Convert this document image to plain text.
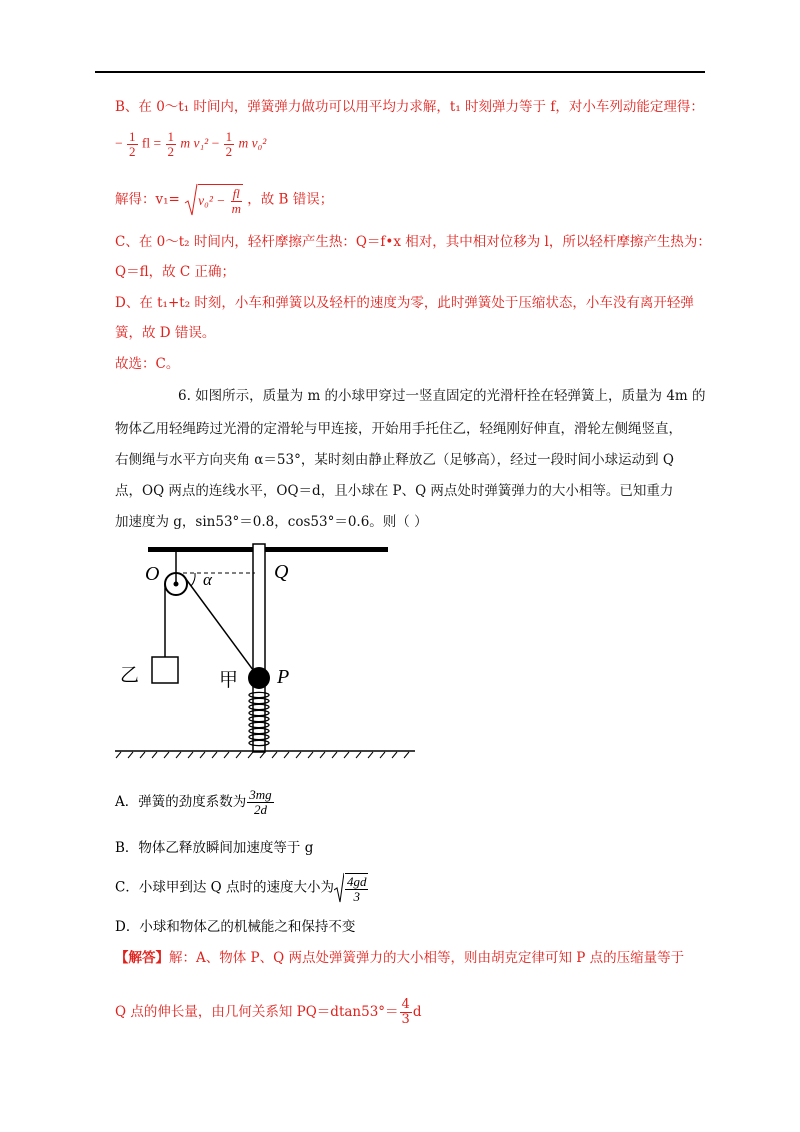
B、在 0～t₁ 时间内，弹簧弹力做功可以用平均力求解，t₁ 时刻弹力等于 f，对小车列动能定理得：
− $\frac{1}{2}$ fl = $\frac{1}{2}$ m $v_1^2 - \frac{1}{2}$ m v₀²
解得：$v_1= v_0^2 - \frac{fl}{m}$ ，故 B 错误；
C、在 0～t₂ 时间内，轻杆摩擦产生热：Q＝f•x 相对，其中相对位移为 l，所以轻杆摩擦产生热为：
Q＝fl，故 C 正确；
D、在 t₁+t₂ 时刻，小车和弹簧以及轻杆的速度为零，此时弹簧处于压缩状态，小车没有离开轻弹
簧，故 D 错误。
故选：C。
6. 如图所示，质量为 m 的小球甲穿过一竖直固定的光滑杆拴在轻弹簧上，质量为 4m 的
物体乙用轻绳跨过光滑的定滑轮与甲连接，开始用手托住乙，轻绳刚好伸直，滑轮左侧绳竖直，
右侧绳与水平方向夹角 α＝53°，某时刻由静止释放乙（足够高），经过一段时间小球运动到 Q
点，OQ 两点的连线水平，OQ＝d，且小球在 P、Q 两点处时弹簧弹力的大小相等。已知重力
加速度为 g，sin53°＝0.8，cos53°＝0.6。则（ ）
O	Q
α
乙	甲 P
A．弹簧的劲度系数为 $\frac{3mg}{2d}$
B．物体乙释放瞬间加速度等于 g
C．小球甲到达 Q 点时的速度大小为 $\frac{4gd}{3}$
D．小球和物体乙的机械能之和保持不变
【解答】解：A、物体 P、Q 两点处弹簧弹力的大小相等，则由胡克定律可知 P 点的压缩量等于
Q 点的伸长量，由几何关系知 $PQ=dtan53^\circ= \frac{4}{3}$ d
